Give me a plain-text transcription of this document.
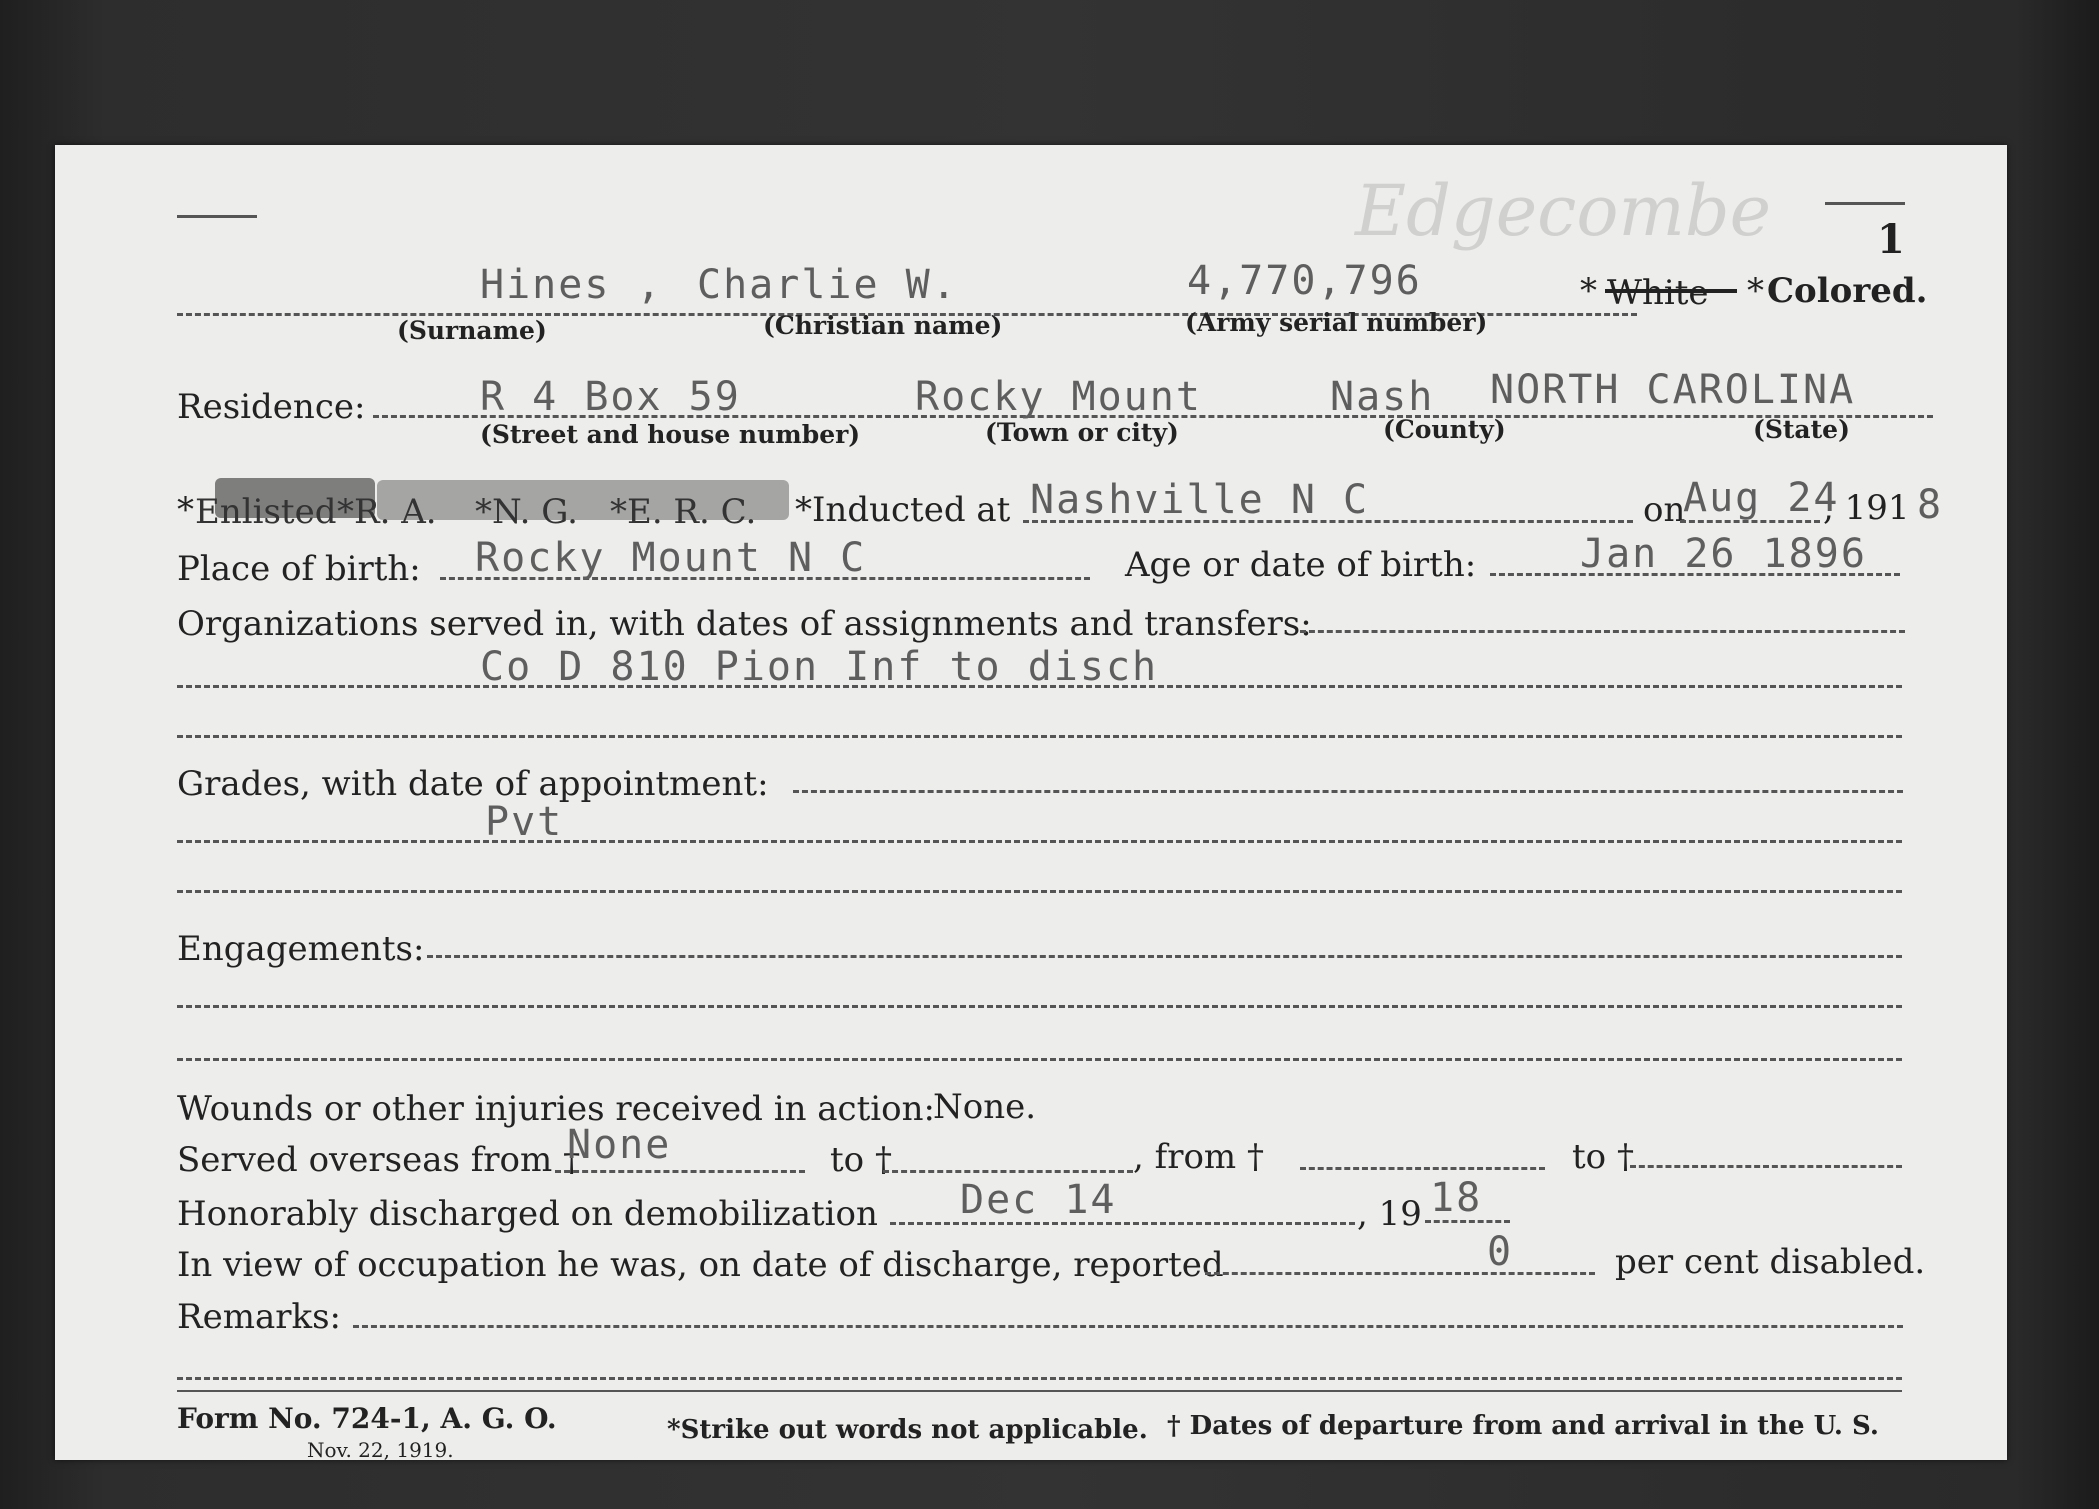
Edgecombe	1
Hines , Charlie W.	4,770,796	* White * Colored.
(Surname)	(Christian name)	(Army serial number)
Residence:	R 4 Box 59	Rocky Mount	Nash NORTH CAROLINA
(Street and house number)	(Town or city)	(County)	(State)
* Enlisted *R. A. *N. G. *E. R. C. *Inducted at Nashville N C	on
Aug 24
, 191 8
Place of birth: Rocky Mount N C	Age or date of birth:	Jan 26 1896
Organizations served in, with dates of assignments and transfers:
Co D 810 Pion Inf to disch
Grades, with date of appointment:
Pvt
Engagements:
Wounds or other injuries received in action:
None.
Served overseas from †
None	to †	, from †	to †
Honorably discharged on demobilization Dec 14	, 19 18
In view of occupation he was, on date of discharge, reported	0	per cent disabled.
Remarks:
Form No. 724-1, A. G. O.
Nov. 22, 1919.
*Strike out words not applicable. † Dates of departure from and arrival in the U. S.
